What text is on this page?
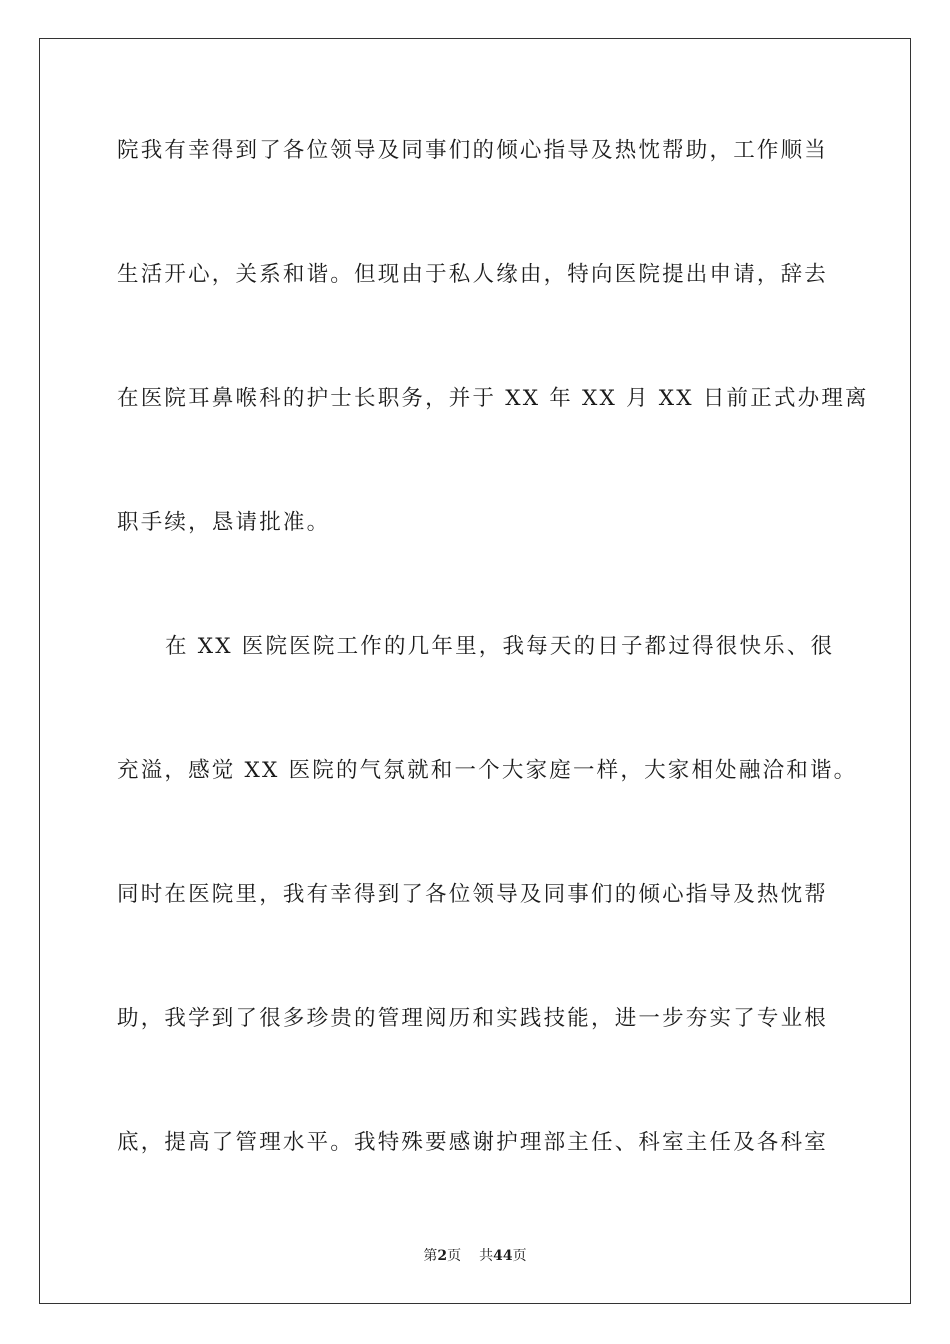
院我有幸得到了各位领导及同事们的倾心指导及热忱帮助，工作顺当
生活开心，关系和谐。但现由于私人缘由，特向医院提出申请，辞去
在医院耳鼻喉科的护士长职务，并于 XX 年 XX 月 XX 日前正式办理离
职手续，恳请批准。
在 XX 医院医院工作的几年里，我每天的日子都过得很快乐、很
充溢，感觉 XX 医院的气氛就和一个大家庭一样，大家相处融洽和谐。
同时在医院里，我有幸得到了各位领导及同事们的倾心指导及热忱帮
助，我学到了很多珍贵的管理阅历和实践技能，进一步夯实了专业根
底，提高了管理水平。我特殊要感谢护理部主任、科室主任及各科室
第2页 共44页
